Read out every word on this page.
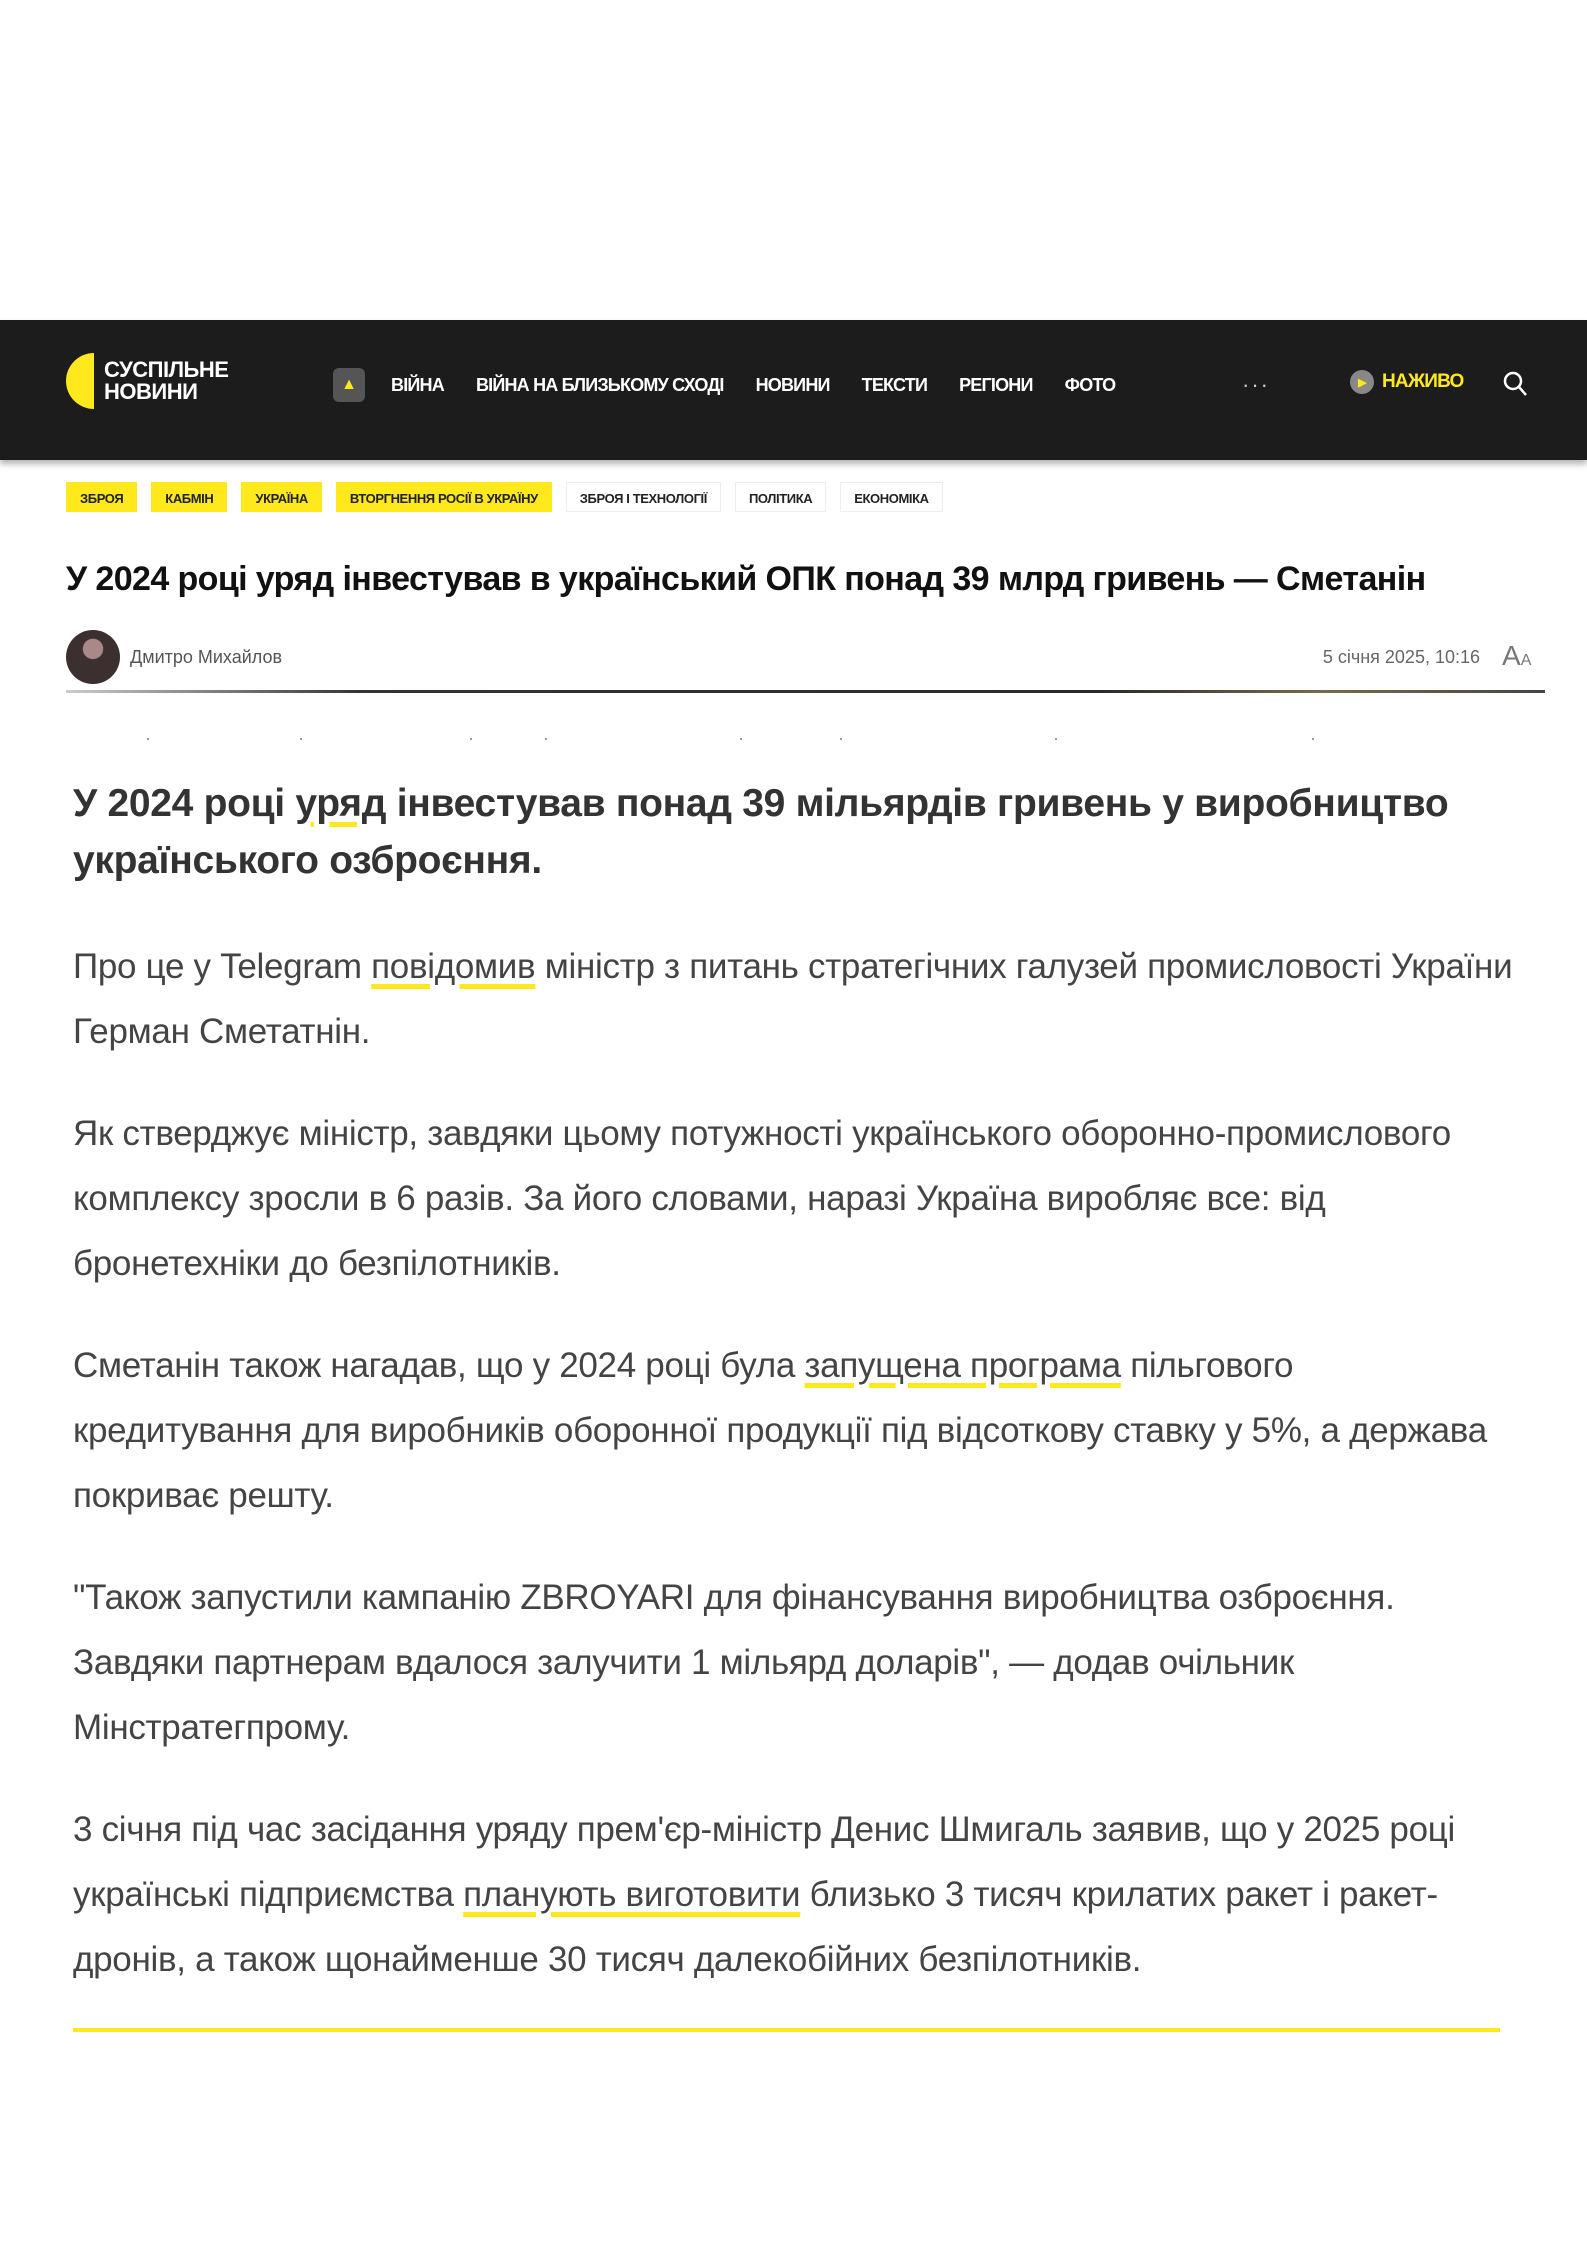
СУСПІЛЬНЕ
НОВИНИ	▲	ВІЙНА ВІЙНА НА БЛИЗЬКОМУ СХОДІ НОВИНИ ТЕКСТИ РЕГІОНИ ФОТО	···	▶ НАЖИВО
ЗБРОЯ	КАБМІН	УКРАЇНА	ВТОРГНЕННЯ РОСІЇ В УКРАЇНУ	ЗБРОЯ І ТЕХНОЛОГІЇ	ПОЛІТИКА	ЕКОНОМІКА
У 2024 році уряд інвестував в український ОПК понад 39 млрд гривень — Сметанін
Дмитро Михайлов	5 січня 2025, 10:16 AA

У 2024 році уряд інвестував понад 39 мільярдів гривень у виробництво українського озброєння.

Про це у Telegram повідомив міністр з питань стратегічних галузей промисловості України Герман Сметатнін.

Як стверджує міністр, завдяки цьому потужності українського оборонно-промислового комплексу зросли в 6 разів. За його словами, наразі Україна виробляє все: від бронетехніки до безпілотників.

Сметанін також нагадав, що у 2024 році була запущена програма пільгового кредитування для виробників оборонної продукції під відсоткову ставку у 5%, а держава покриває решту.

"Також запустили кампанію ZBROYARI для фінансування виробництва озброєння. Завдяки партнерам вдалося залучити 1 мільярд доларів", — додав очільник Мінстратегпрому.

3 січня під час засідання уряду прем'єр-міністр Денис Шмигаль заявив, що у 2025 році українські підприємства планують виготовити близько 3 тисяч крилатих ракет і ракет-дронів, а також щонайменше 30 тисяч далекобійних безпілотників.
